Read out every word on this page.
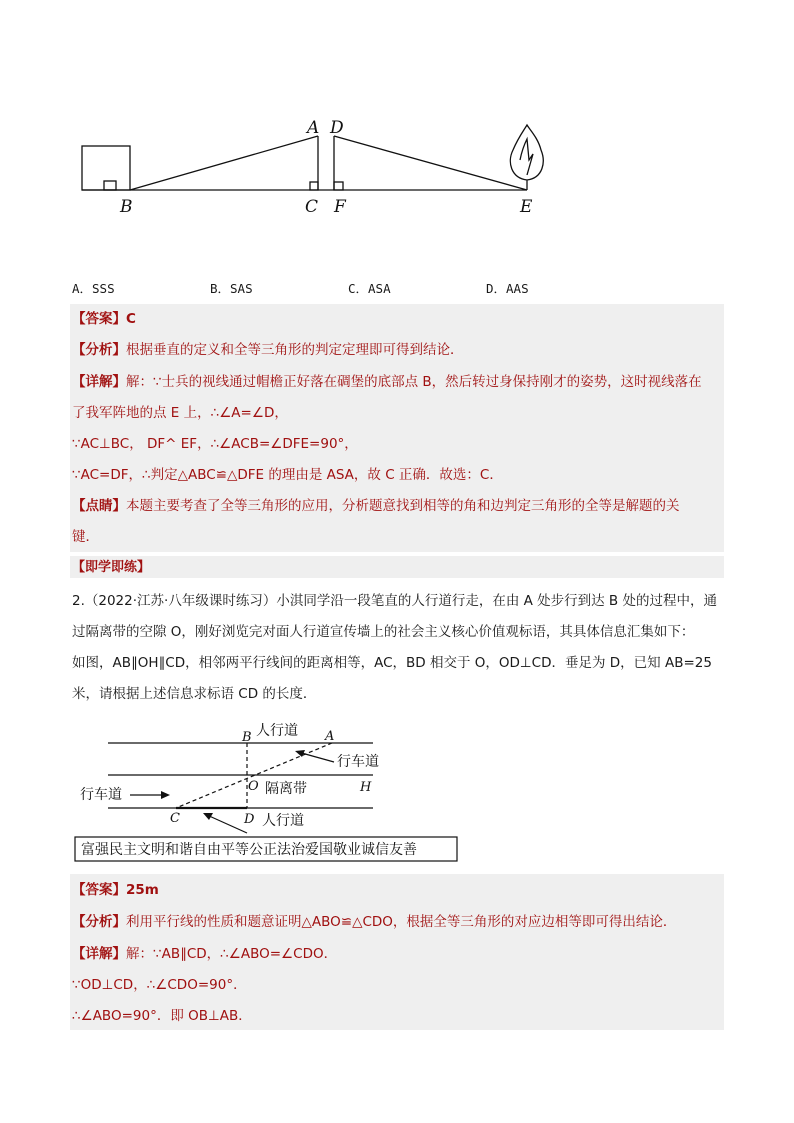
A D
B	C F	E
A．SSS	B．SAS	C．ASA	D．AAS
【答案】C
【分析】根据垂直的定义和全等三角形的判定定理即可得到结论．
【详解】解：∵士兵的视线通过帽檐正好落在碉堡的底部点 B，然后转过身保持刚才的姿势，这时视线落在
了我军阵地的点 E 上，∴∠A=∠D，
∵AC⊥BC， DF^ EF，∴∠ACB=∠DFE=90°，
∵AC=DF，∴判定△ABC≌△DFE 的理由是 ASA，故 C 正确．故选：C．
【点睛】本题主要考查了全等三角形的应用，分析题意找到相等的角和边判定三角形的全等是解题的关
键．
【即学即练】
2.（2022·江苏·八年级课时练习）小淇同学沿一段笔直的人行道行走，在由 A 处步行到达 B 处的过程中，通
过隔离带的空隙 O，刚好浏览完对面人行道宣传墙上的社会主义核心价值观标语，其具体信息汇集如下：
如图，AB∥OH∥CD，相邻两平行线间的距离相等，AC，BD 相交于 O，OD⊥CD．垂足为 D，已知 AB=25
米，请根据上述信息求标语 CD 的长度．
B	A
O	H
C	D
人行道
行车道
隔离带
行车道
人行道
富强民主文明和谐自由平等公正法治爱国敬业诚信友善
【答案】25m
【分析】利用平行线的性质和题意证明△ABO≌△CDO，根据全等三角形的对应边相等即可得出结论．
【详解】解：∵AB∥CD，∴∠ABO=∠CDO．
∵OD⊥CD，∴∠CDO=90°．
∴∠ABO=90°．即 OB⊥AB．
